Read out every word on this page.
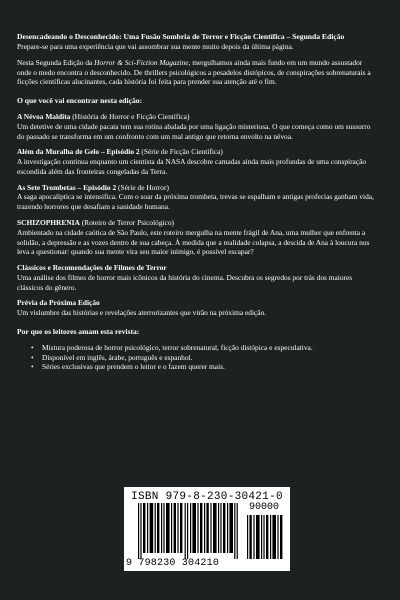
Desencadeando o Desconhecido: Uma Fusão Sombria de Terror e Ficção Científica – Segunda Edição

Prepare-se para uma experiência que vai assombrar sua mente muito depois da última página.

Nesta Segunda Edição da Horror & Sci-Fiction Magazine, mergulhamos ainda mais fundo em um mundo assustador onde o medo encontra o desconhecido. De thrillers psicológicos a pesadelos distópicos, de conspirações sobrenaturais a ficções científicas alucinantes, cada história foi feita para prender sua atenção até o fim.

O que você vai encontrar nesta edição:

A Névoa Maldita (História de Horror e Ficção Científica)

Um detetive de uma cidade pacata tem sua rotina abalada por uma ligação misteriosa. O que começa como um sussurro do passado se transforma em um confronto com um mal antigo que retorna envolto na névoa.

Além da Muralha de Gelo – Episódio 2 (Série de Ficção Científica)

A investigação continua enquanto um cientista da NASA descobre camadas ainda mais profundas de uma conspiração escondida além das fronteiras congeladas da Terra.

As Sete Trombetas – Episódio 2 (Série de Horror)

A saga apocalíptica se intensifica. Com o soar da próxima trombeta, trevas se espalham e antigas profecias ganham vida, trazendo horrores que desafiam a sanidade humana.

SCHIZOPHRENIA (Roteiro de Terror Psicológico)

Ambientado na cidade caótica de São Paulo, este roteiro mergulha na mente frágil de Ana, uma mulher que enfrenta a solidão, a depressão e as vozes dentro de sua cabeça. À medida que a realidade colapsa, a descida de Ana à loucura nos leva a questionar: quando sua mente vira seu maior inimigo, é possível escapar?

Clássicos e Recomendações de Filmes de Terror

Uma análise dos filmes de horror mais icônicos da história do cinema. Descubra os segredos por trás dos maiores clássicos do gênero.

Prévia da Próxima Edição

Um vislumbre das histórias e revelações aterrorizantes que virão na próxima edição.

Por que os leitores amam esta revista:

• Mistura poderosa de horror psicológico, terror sobrenatural, ficção distópica e especulativa.
• Disponível em inglês, árabe, português e espanhol.
• Séries exclusivas que prendem o leitor e o fazem querer mais.
ISBN 979-8-230-30421-0
90000
9 798230 304210
